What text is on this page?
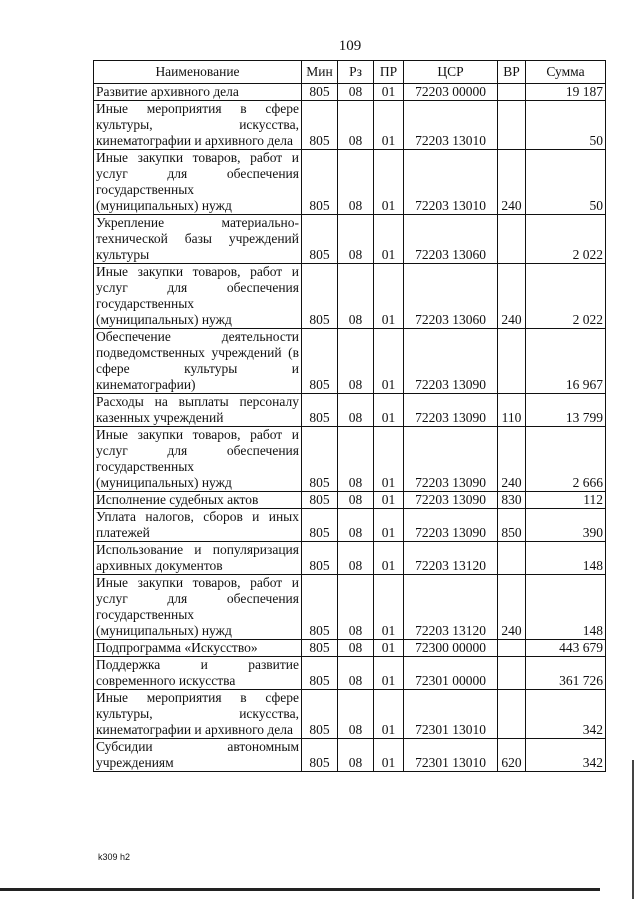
109
Наименование	Мин	Рз	ПР	ЦСР	ВР	Сумма
Развитие архивного дела	805	08	01	72203 00000		19 187
Иные мероприятия в сфере культуры, искусства, кинематографии и архивного дела	805	08	01	72203 13010		50
Иные закупки товаров, работ и услуг для обеспечения государственных (муниципальных) нужд	805	08	01	72203 13010	240	50
Укрепление материально-технической базы учреждений культуры	805	08	01	72203 13060		2 022
Иные закупки товаров, работ и услуг для обеспечения государственных (муниципальных) нужд	805	08	01	72203 13060	240	2 022
Обеспечение деятельности подведомственных учреждений (в сфере культуры и кинематографии)	805	08	01	72203 13090		16 967
Расходы на выплаты персоналу казенных учреждений	805	08	01	72203 13090	110	13 799
Иные закупки товаров, работ и услуг для обеспечения государственных (муниципальных) нужд	805	08	01	72203 13090	240	2 666
Исполнение судебных актов	805	08	01	72203 13090	830	112
Уплата налогов, сборов и иных платежей	805	08	01	72203 13090	850	390
Использование и популяризация архивных документов	805	08	01	72203 13120		148
Иные закупки товаров, работ и услуг для обеспечения государственных (муниципальных) нужд	805	08	01	72203 13120	240	148
Подпрограмма «Искусство»	805	08	01	72300 00000		443 679
Поддержка и развитие современного искусства	805	08	01	72301 00000		361 726
Иные мероприятия в сфере культуры, искусства, кинематографии и архивного дела	805	08	01	72301 13010		342
Субсидии автономным учреждениям	805	08	01	72301 13010	620	342
k309 h2
